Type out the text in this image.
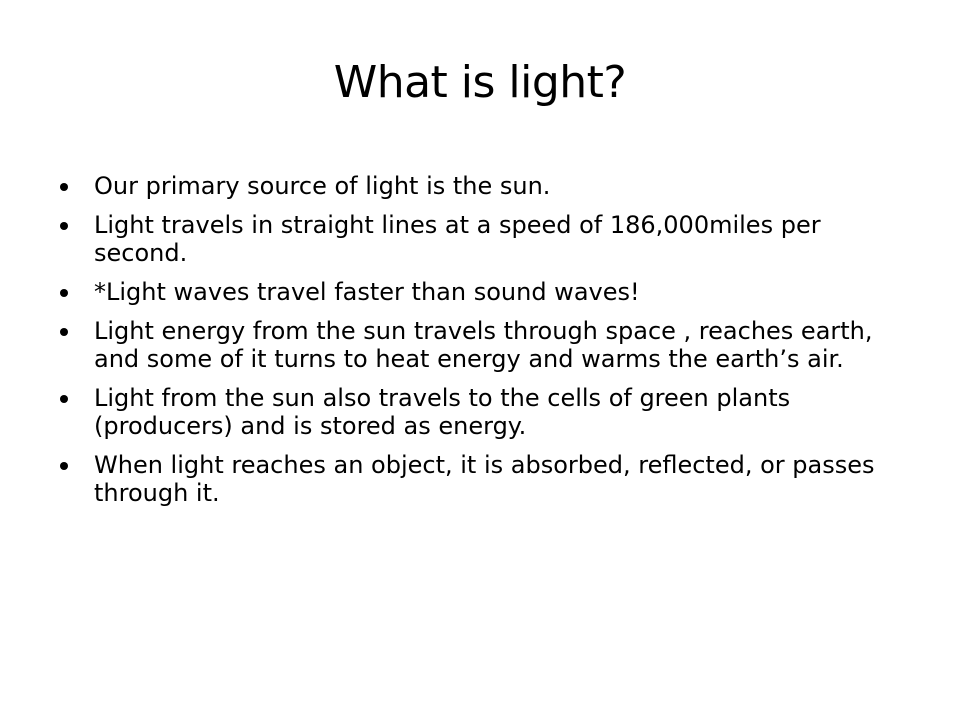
What is light?
Our primary source of light is the sun.
Light travels in straight lines at a speed of 186,000miles per second.
*Light waves travel faster than sound waves!
Light energy from the sun travels through space , reaches earth, and some of it turns to heat energy and warms the earth’s air.
Light from the sun also travels to the cells of green plants (producers) and is stored as energy.
When light reaches an object, it is absorbed, reflected, or passes through it.
